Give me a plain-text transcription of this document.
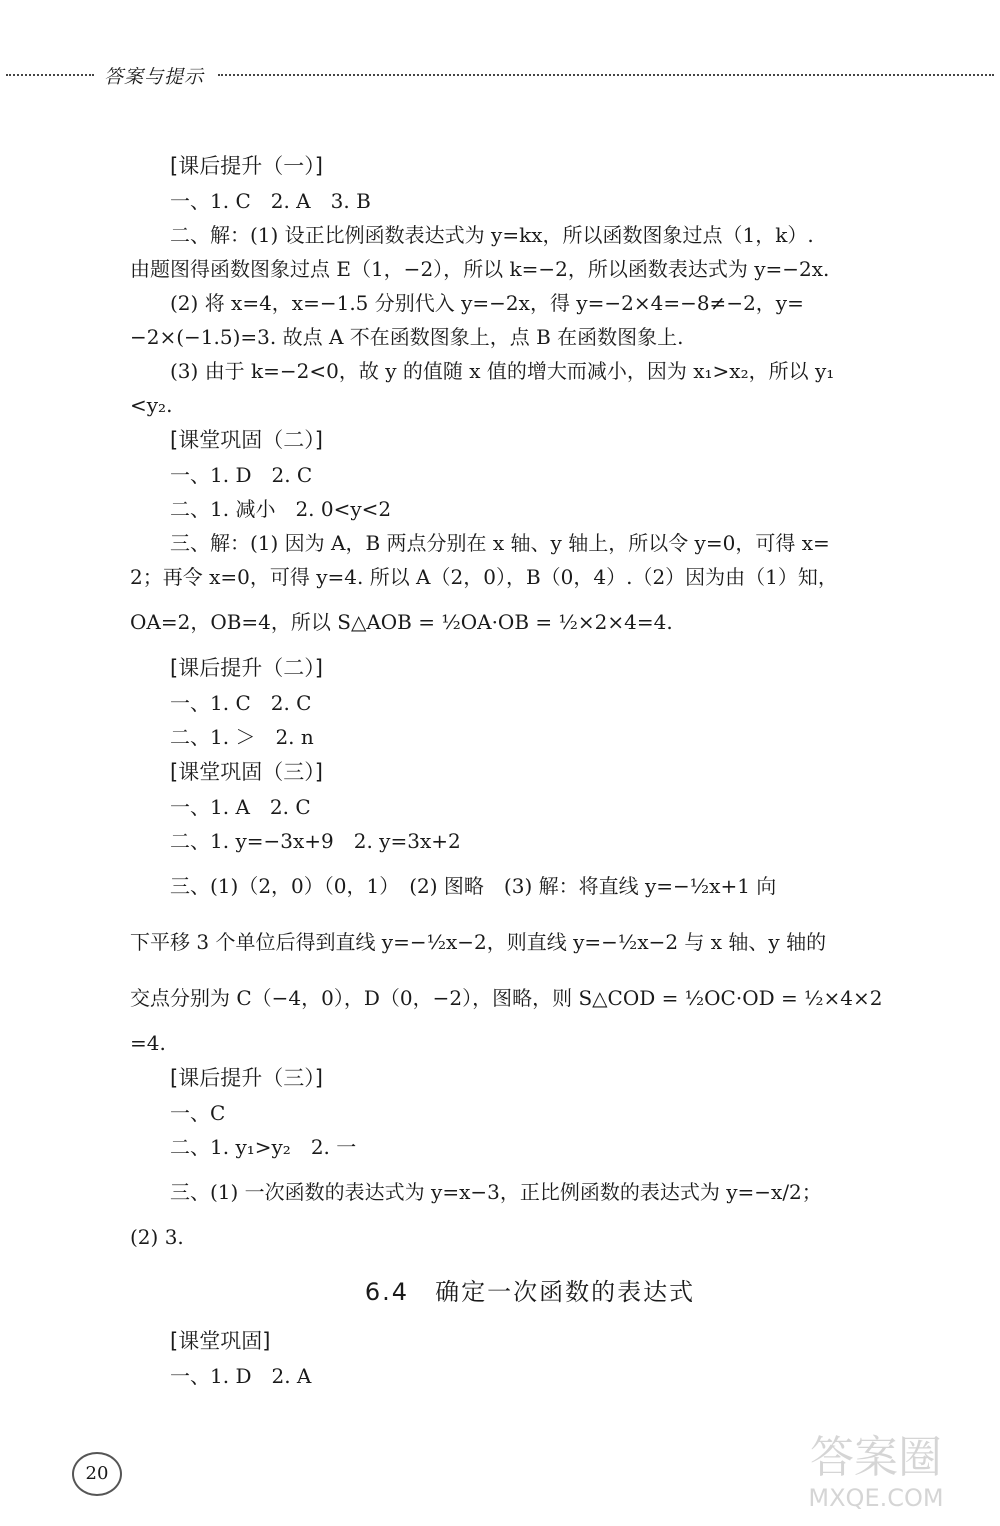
答案与提示
[课后提升（一）]
一、1. C　2. A　3. B
二、解：(1) 设正比例函数表达式为 y=kx，所以函数图象过点（1，k）.
由题图得函数图象过点 E（1，−2），所以 k=−2，所以函数表达式为 y=−2x.
(2) 将 x=4，x=−1.5 分别代入 y=−2x，得 y=−2×4=−8≠−2，y=
−2×(−1.5)=3. 故点 A 不在函数图象上，点 B 在函数图象上.
(3) 由于 k=−2<0，故 y 的值随 x 值的增大而减小，因为 x₁>x₂，所以 y₁
<y₂.
[课堂巩固（二）]
一、1. D　2. C
二、1. 减小　2. 0<y<2
三、解：(1) 因为 A，B 两点分别在 x 轴、y 轴上，所以令 y=0，可得 x=
2；再令 x=0，可得 y=4. 所以 A（2，0），B（0，4）.（2）因为由（1）知，
OA=2，OB=4，所以 S△AOB = ½OA·OB = ½×2×4=4.
[课后提升（二）]
一、1. C　2. C
二、1. ＞　2. n
[课堂巩固（三）]
一、1. A　2. C
二、1. y=−3x+9　2. y=3x+2
三、(1)（2，0）（0，1）　(2) 图略　(3) 解：将直线 y=−½x+1 向
下平移 3 个单位后得到直线 y=−½x−2，则直线 y=−½x−2 与 x 轴、y 轴的
交点分别为 C（−4，0），D（0，−2），图略，则 S△COD = ½OC·OD = ½×4×2
=4.
[课后提升（三）]
一、C
二、1. y₁>y₂　2. 一
三、(1) 一次函数的表达式为 y=x−3，正比例函数的表达式为 y=−x/2；
(2) 3.
6.4　确定一次函数的表达式
[课堂巩固]
一、1. D　2. A
20	答案圈
MXQE.COM
